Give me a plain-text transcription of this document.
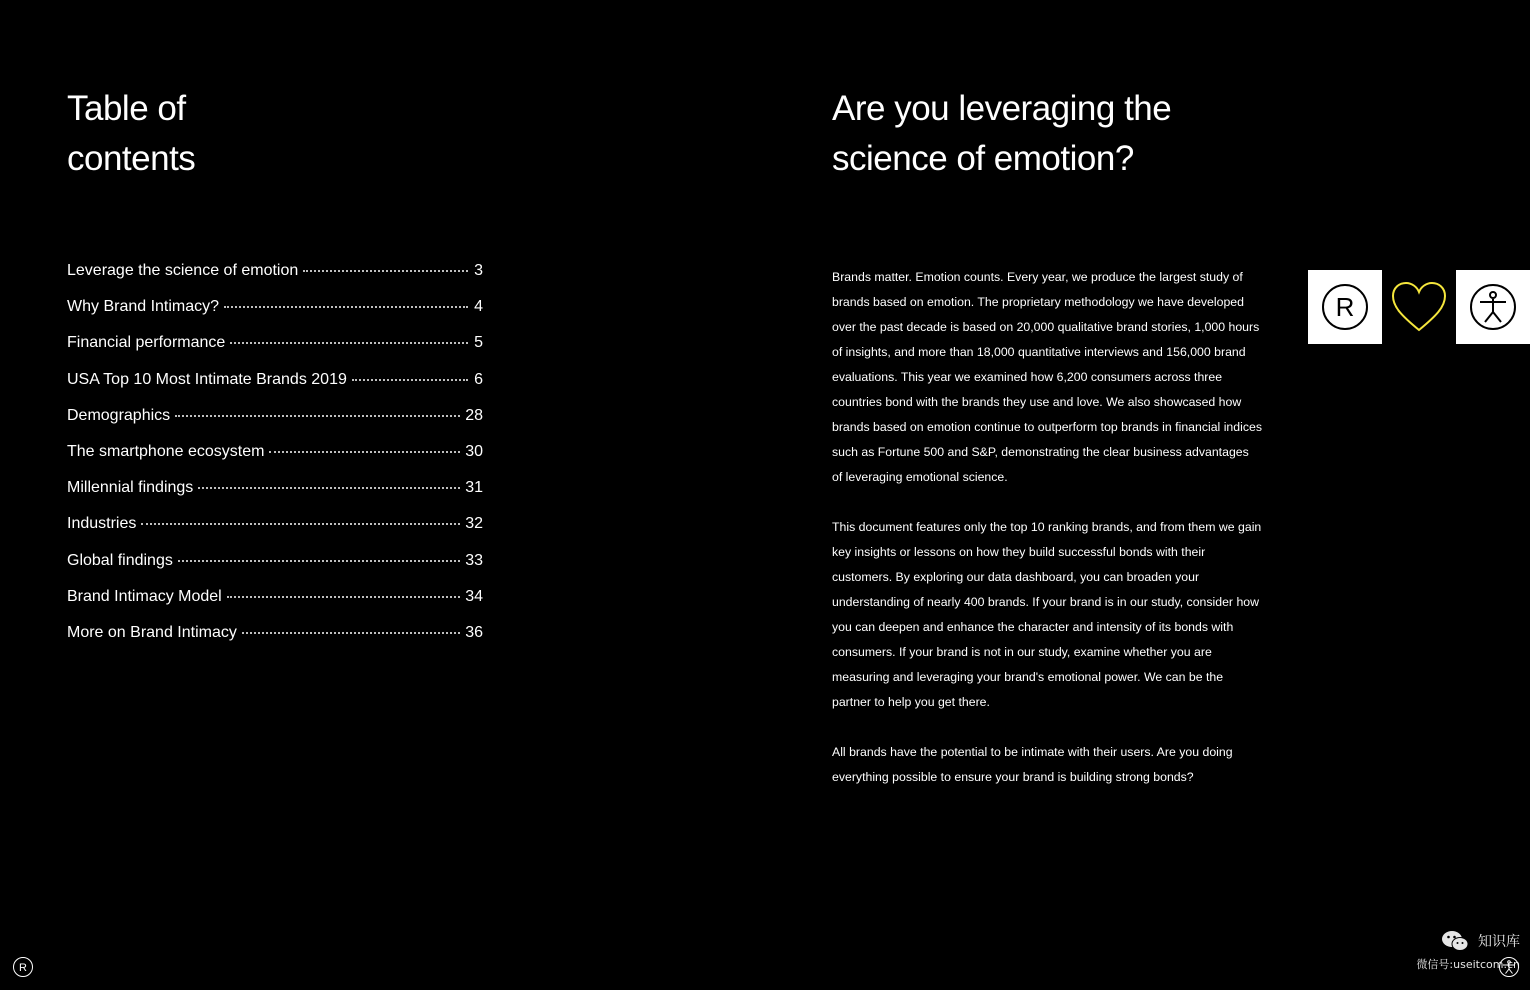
Table of
contents
Leverage the science of emotion	3
Why Brand Intimacy?	4
Financial performance	5
USA Top 10 Most Intimate Brands 2019	6
Demographics	28
The smartphone ecosystem	30
Millennial findings	31
Industries	32
Global findings	33
Brand Intimacy Model	34
More on Brand Intimacy	36
Are you leveraging the
science of emotion?

Brands matter. Emotion counts. Every year, we produce the largest study of brands based on emotion. The proprietary methodology we have developed over the past decade is based on 20,000 qualitative brand stories, 1,000 hours of insights, and more than 18,000 quantitative interviews and 156,000 brand evaluations. This year we examined how 6,200 consumers across three countries bond with the brands they use and love. We also showcased how brands based on emotion continue to outperform top brands in financial indices such as Fortune 500 and S&P, demonstrating the clear business advantages of leveraging emotional science.

This document features only the top 10 ranking brands, and from them we gain key insights or lessons on how they build successful bonds with their customers. By exploring our data dashboard, you can broaden your understanding of nearly 400 brands. If your brand is in our study, consider how you can deepen and enhance the character and intensity of its bonds with consumers. If your brand is not in our study, examine whether you are measuring and leveraging your brand's emotional power. We can be the partner to help you get there.

All brands have the potential to be intimate with their users. Are you doing everything possible to ensure your brand is building strong bonds?

R
R
知识库
微信号:useitcom.cn
